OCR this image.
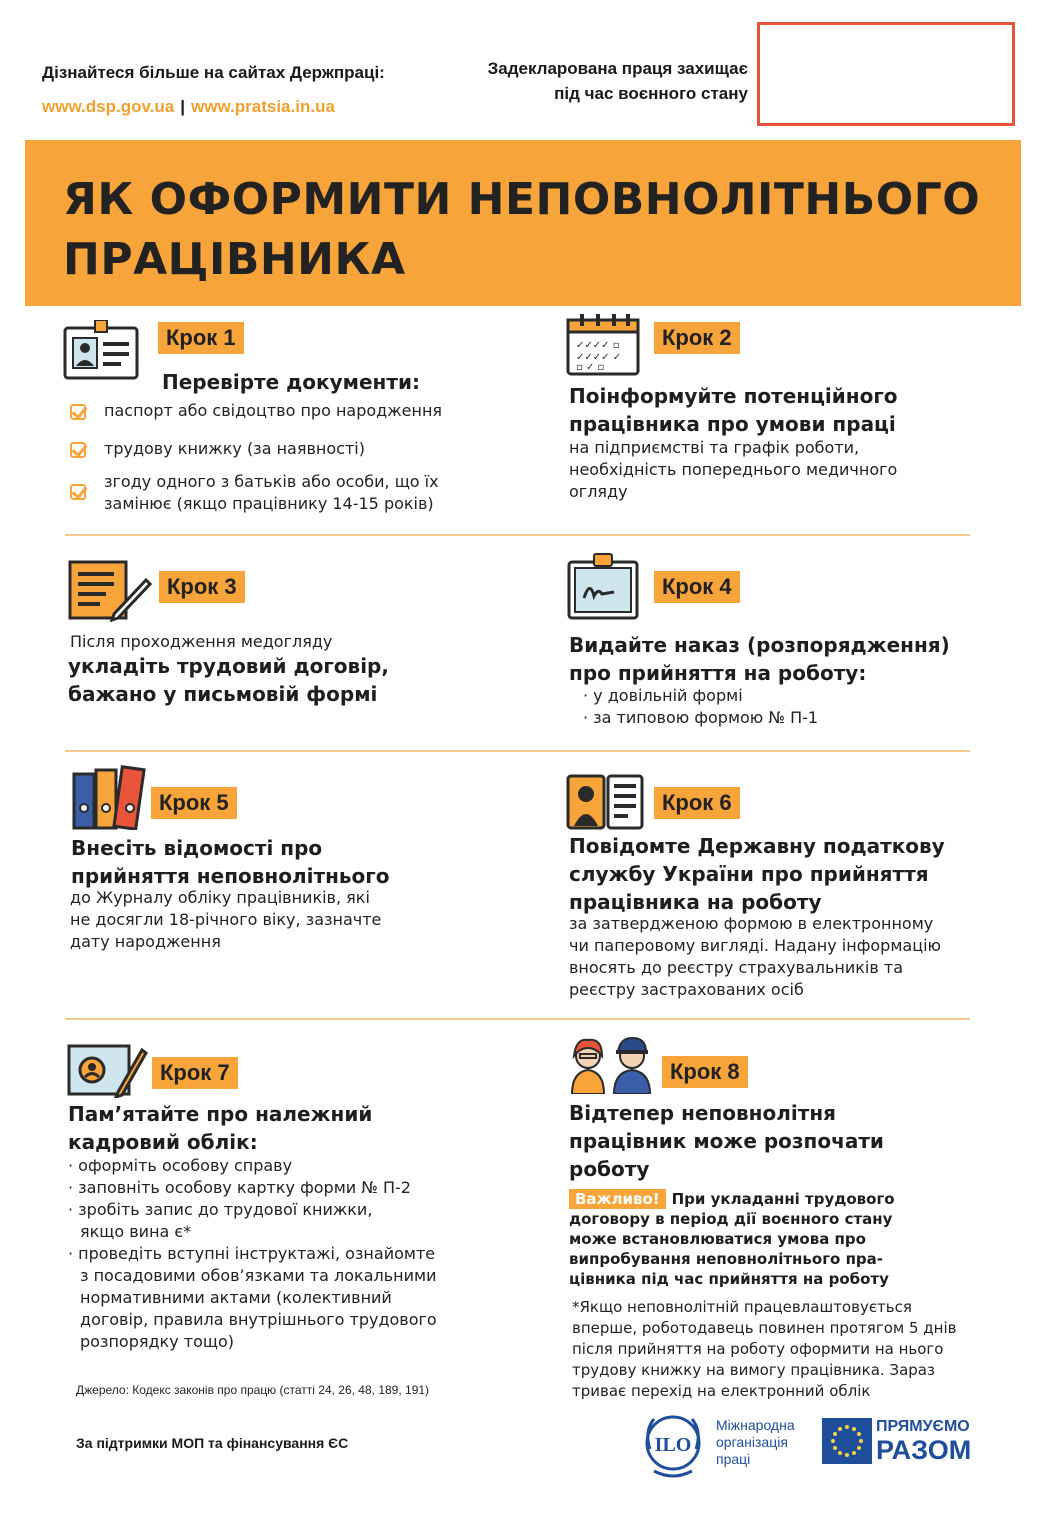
Дізнайтеся більше на сайтах Держпраці:
www.dsp.gov.ua | www.pratsia.in.ua
Задекларована праця захищає
під час воєнного стану
ЯК ОФОРМИТИ НЕПОВНОЛІТНЬОГО
ПРАЦІВНИКА
Крок 1
Перевірте документи:
паспорт або свідоцтво про народження
трудову книжку (за наявності)
згоду одного з батьків або особи, що їх
замінює (якщо працівнику 14-15 років)
✓✓✓✓ ▫
✓✓✓✓ ✓
▫ ✓ ▫
Крок 2
Поінформуйте потенційного
працівника про умови праці
на підприємстві та графік роботи,
необхідність попереднього медичного
огляду
Крок 3
Після проходження медогляду
укладіть трудовий договір,
бажано у письмовій формі
Крок 4
Видайте наказ (розпорядження)
про прийняття на роботу:
· у довільній формі
· за типовою формою № П-1
Крок 5
Внесіть відомості про
прийняття неповнолітнього
до Журналу обліку працівників, які
не досягли 18-річного віку, зазначте
дату народження
Крок 6
Повідомте Державну податкову
службу України про прийняття
працівника на роботу
за затвердженою формою в електронному
чи паперовому вигляді. Надану інформацію
вносять до реєстру страхувальників та
реєстру застрахованих осіб
Крок 7
Пам’ятайте про належний
кадровий облік:
· оформіть особову справу
· заповніть особову картку форми № П-2
· зробіть запис до трудової книжки,
якщо вина є*
· проведіть вступні інструктажі, ознайомте
з посадовими обов’язками та локальними
нормативними актами (колективний
договір, правила внутрішнього трудового
розпорядку тощо)
Крок 8
Відтепер неповнолітня
працівник може розпочати
роботу
Важливо! При укладанні трудового
договору в період дії воєнного стану
може встановлюватися умова про
випробування неповнолітнього пра-
цівника під час прийняття на роботу
*Якщо неповнолітній працевлаштовується
вперше, роботодавець повинен протягом 5 днів
після прийняття на роботу оформити на нього
трудову книжку на вимогу працівника. Зараз
триває перехід на електронний облік
Джерело: Кодекс законів про працю (статті 24, 26, 48, 189, 191)
За підтримки МОП та фінансування ЄС	ILO
Міжнародна
організація
праці
ПРЯМУЄМО
РАЗОМ
